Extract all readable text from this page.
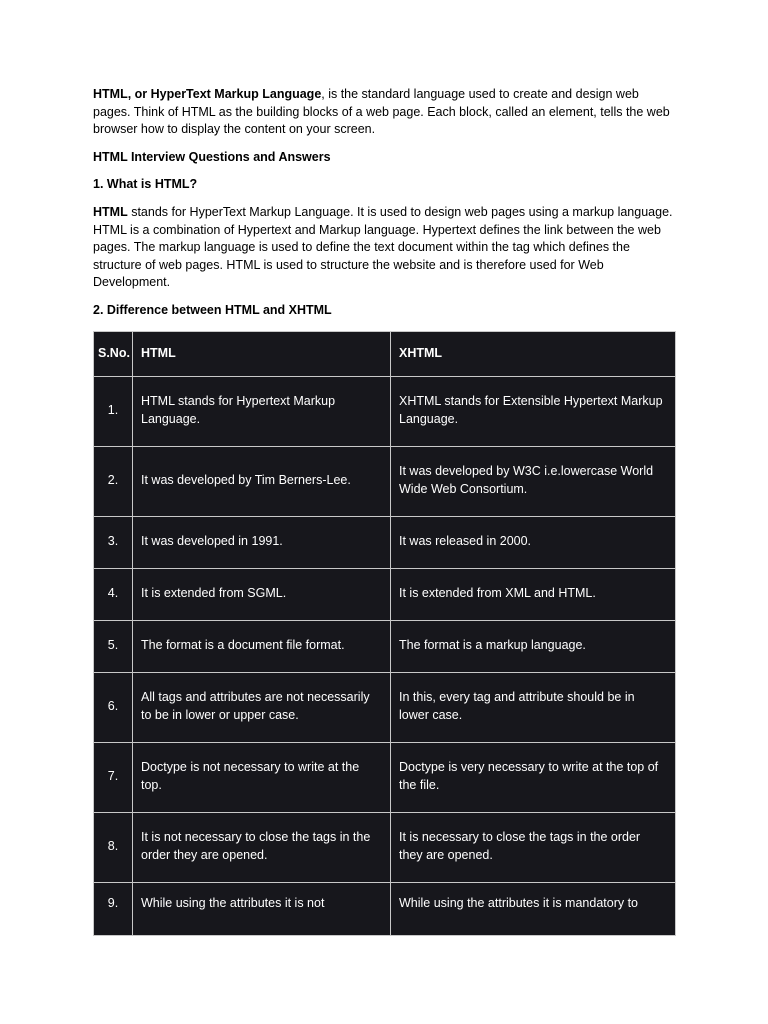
HTML, or HyperText Markup Language, is the standard language used to create and design web pages. Think of HTML as the building blocks of a web page. Each block, called an element, tells the web browser how to display the content on your screen.

HTML Interview Questions and Answers

1. What is HTML?

HTML stands for HyperText Markup Language. It is used to design web pages using a markup language. HTML is a combination of Hypertext and Markup language. Hypertext defines the link between the web pages. The markup language is used to define the text document within the tag which defines the structure of web pages. HTML is used to structure the website and is therefore used for Web Development.

2. Difference between HTML and XHTML

S.No.	HTML	XHTML
1.	HTML stands for Hypertext Markup Language.	XHTML stands for Extensible Hypertext Markup Language.
2.	It was developed by Tim Berners-Lee.	It was developed by W3C i.e.lowercase World Wide Web Consortium.
3.	It was developed in 1991.	It was released in 2000.
4.	It is extended from SGML.	It is extended from XML and HTML.
5.	The format is a document file format.	The format is a markup language.
6.	All tags and attributes are not necessarily to be in lower or upper case.	In this, every tag and attribute should be in lower case.
7.	Doctype is not necessary to write at the top.	Doctype is very necessary to write at the top of the file.
8.	It is not necessary to close the tags in the order they are opened.	It is necessary to close the tags in the order they are opened.
9.	While using the attributes it is not	While using the attributes it is mandatory to
